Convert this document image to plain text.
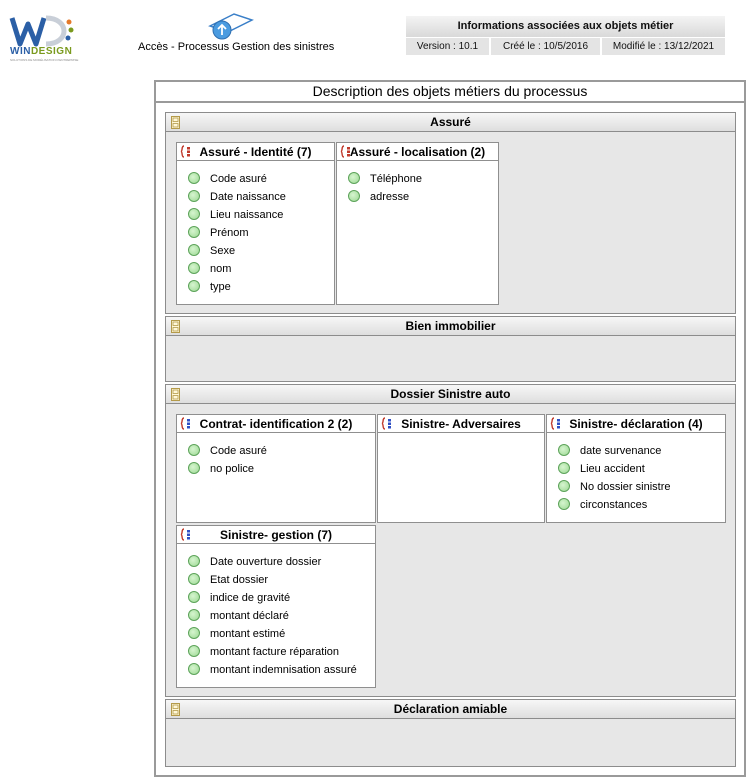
WINDESIGN
SOLUTIONS DE MODÉLISATION D'ENTREPRISE
Accès - Processus Gestion des sinistres
Informations associées aux objets métier
Version : 10.1	Créé le : 10/5/2016	Modifié le : 13/12/2021
Description des objets métiers du processus
Assuré
Assuré - Identité (7)
Code asuré
Date naissance
Lieu naissance
Prénom
Sexe
nom
type
Assuré - localisation (2)
Téléphone
adresse
Bien immobilier
Dossier Sinistre auto
Contrat- identification 2 (2)
Code asuré
no police
Sinistre- Adversaires	Sinistre- déclaration (4)
date survenance
Lieu accident
No dossier sinistre
circonstances
Sinistre- gestion (7)
Date ouverture dossier
Etat dossier
indice de gravité
montant déclaré
montant estimé
montant facture réparation
montant indemnisation assuré
Déclaration amiable
